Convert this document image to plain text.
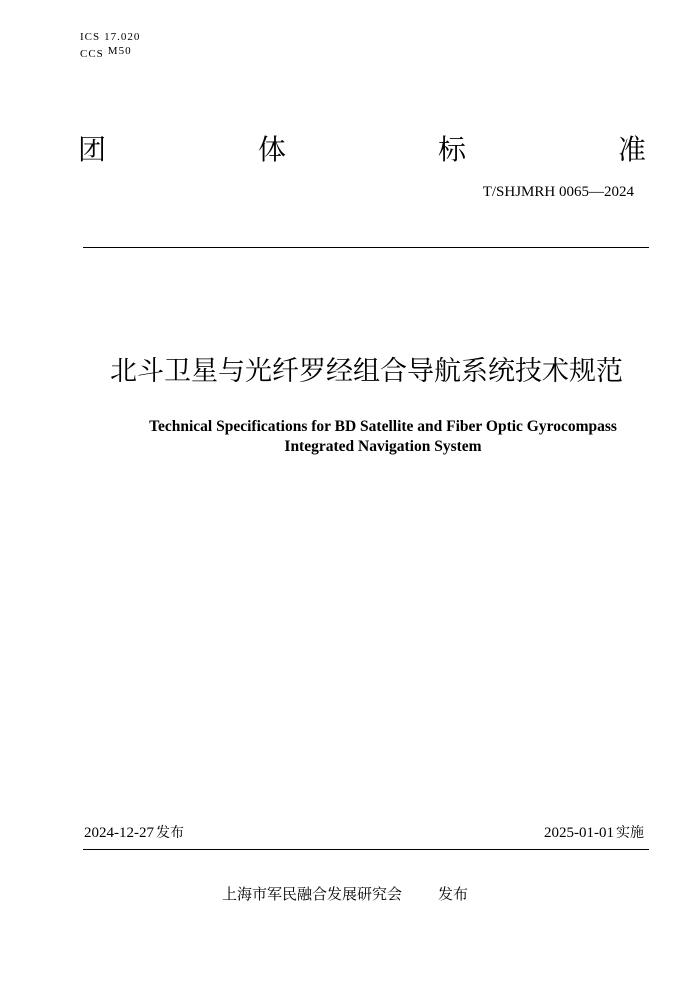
ICS 17.020
CCS M50
团	体	标	准
T/SHJMRH 0065—2024
北斗卫星与光纤罗经组合导航系统技术规范
Technical Specifications for BD Satellite and Fiber Optic Gyrocompass
Integrated Navigation System
2024-12-27 发布	2025-01-01 实施
上海市军民融合发展研究会 发布
